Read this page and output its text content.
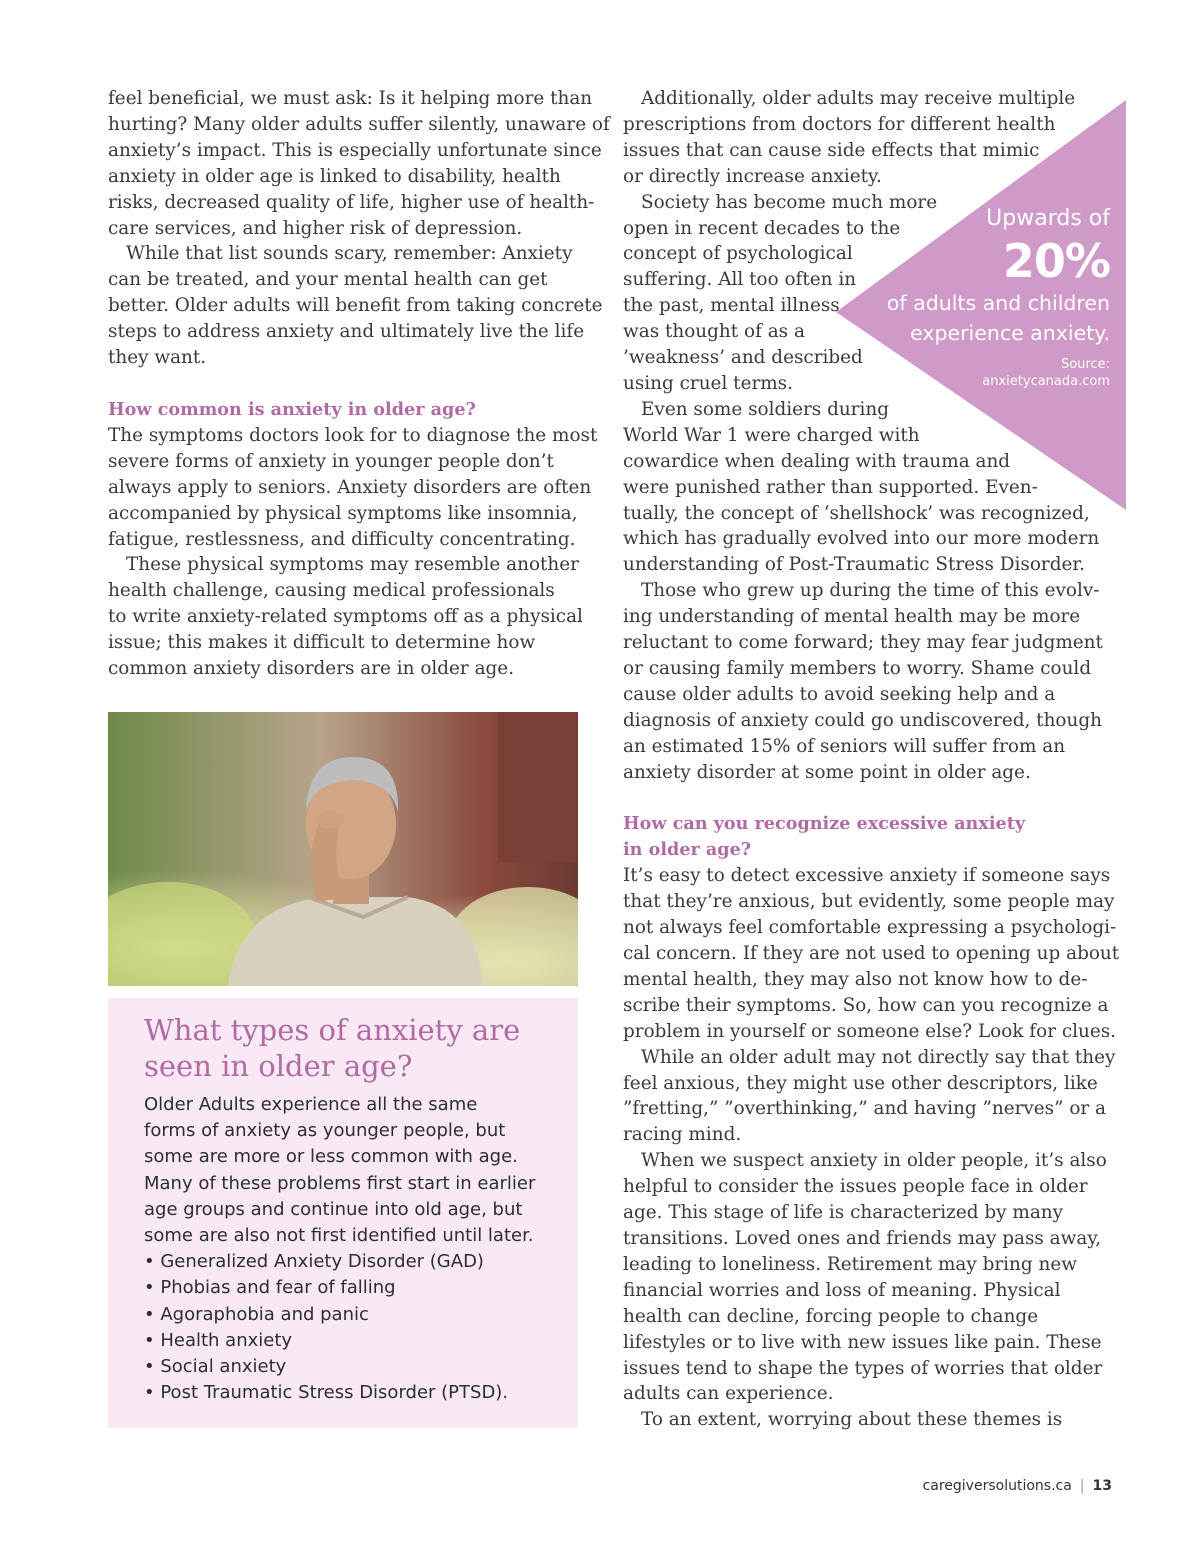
feel beneficial, we must ask: Is it helping more than
hurting? Many older adults suffer silently, unaware of
anxiety’s impact. This is especially unfortunate since
anxiety in older age is linked to disability, health
risks, decreased quality of life, higher use of health-
care services, and higher risk of depression.

While that list sounds scary, remember: Anxiety
can be treated, and your mental health can get
better. Older adults will benefit from taking concrete
steps to address anxiety and ultimately live the life
they want.

How common is anxiety in older age?

The symptoms doctors look for to diagnose the most
severe forms of anxiety in younger people don’t
always apply to seniors. Anxiety disorders are often
accompanied by physical symptoms like insomnia,
fatigue, restlessness, and difficulty concentrating.

These physical symptoms may resemble another
health challenge, causing medical professionals
to write anxiety-related symptoms off as a physical
issue; this makes it difficult to determine how
common anxiety disorders are in older age.

What types of anxiety are
seen in older age?

Older Adults experience all the same
forms of anxiety as younger people, but
some are more or less common with age.
Many of these problems first start in earlier
age groups and continue into old age, but
some are also not first identified until later.

• Generalized Anxiety Disorder (GAD)
• Phobias and fear of falling
• Agoraphobia and panic
• Health anxiety
• Social anxiety
• Post Traumatic Stress Disorder (PTSD).
Upwards of
20%
of adults and children
experience anxiety.
Source:
anxietycanada.com

Additionally, older adults may receive multiple
prescriptions from doctors for different health
issues that can cause side effects that mimic
or directly increase anxiety.

Society has become much more
open in recent decades to the
concept of psychological
suffering. All too often in
the past, mental illness
was thought of as a
’weakness’ and described
using cruel terms.

Even some soldiers during
World War 1 were charged with
cowardice when dealing with trauma and
were punished rather than supported. Even-
tually, the concept of ‘shellshock’ was recognized,
which has gradually evolved into our more modern
understanding of Post-Traumatic Stress Disorder.

Those who grew up during the time of this evolv-
ing understanding of mental health may be more
reluctant to come forward; they may fear judgment
or causing family members to worry. Shame could
cause older adults to avoid seeking help and a
diagnosis of anxiety could go undiscovered, though
an estimated 15% of seniors will suffer from an
anxiety disorder at some point in older age.

How can you recognize excessive anxiety
in older age?

It’s easy to detect excessive anxiety if someone says
that they’re anxious, but evidently, some people may
not always feel comfortable expressing a psychologi-
cal concern. If they are not used to opening up about
mental health, they may also not know how to de-
scribe their symptoms. So, how can you recognize a
problem in yourself or someone else? Look for clues.

While an older adult may not directly say that they
feel anxious, they might use other descriptors, like
”fretting,” ”overthinking,” and having ”nerves” or a
racing mind.

When we suspect anxiety in older people, it’s also
helpful to consider the issues people face in older
age. This stage of life is characterized by many
transitions. Loved ones and friends may pass away,
leading to loneliness. Retirement may bring new
financial worries and loss of meaning. Physical
health can decline, forcing people to change
lifestyles or to live with new issues like pain. These
issues tend to shape the types of worries that older
adults can experience.

To an extent, worrying about these themes is

caregiversolutions.ca | 13
